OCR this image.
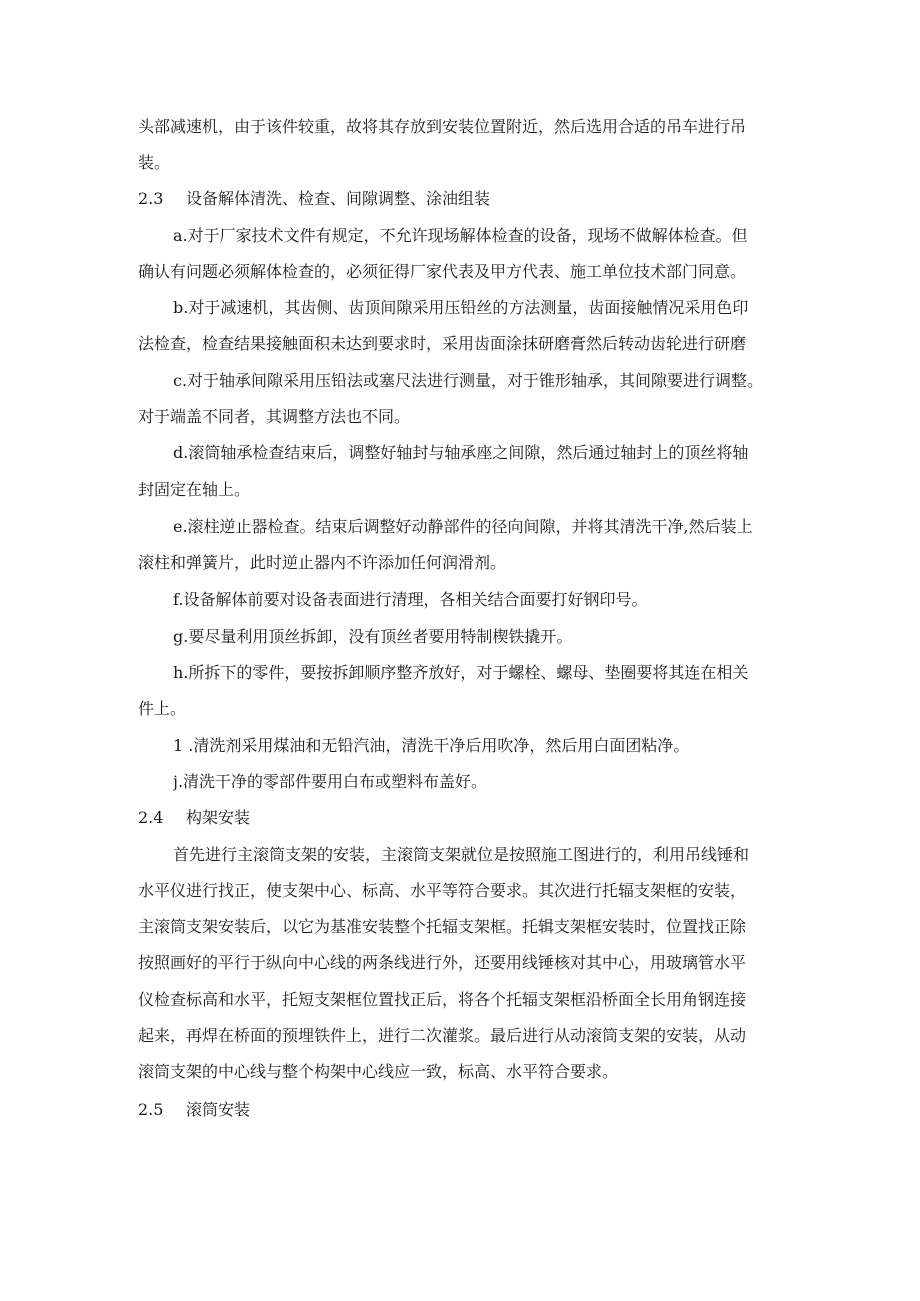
头部减速机，由于该件较重，故将其存放到安装位置附近，然后选用合适的吊车进行吊
装。
2.3 设备解体清洗、检查、间隙调整、涂油组装
a.对于厂家技术文件有规定，不允许现场解体检查的设备，现场不做解体检查。但
确认有问题必须解体检查的，必须征得厂家代表及甲方代表、施工单位技术部门同意。
b.对于减速机，其齿侧、齿顶间隙采用压铅丝的方法测量，齿面接触情况采用色印
法检查，检查结果接触面积未达到要求时，采用齿面涂抹研磨膏然后转动齿轮进行研磨
c.对于轴承间隙采用压铅法或塞尺法进行测量，对于锥形轴承，其间隙要进行调整。
对于端盖不同者，其调整方法也不同。
d.滚筒轴承检查结束后，调整好轴封与轴承座之间隙，然后通过轴封上的顶丝将轴
封固定在轴上。
e.滚柱逆止器检查。结束后调整好动静部件的径向间隙，并将其清洗干净,然后装上
滚柱和弹簧片，此时逆止器内不许添加任何润滑剂。
f.设备解体前要对设备表面进行清理，各相关结合面要打好钢印号。
g.要尽量利用顶丝拆卸，没有顶丝者要用特制楔铁撬开。
h.所拆下的零件，要按拆卸顺序整齐放好，对于螺栓、螺母、垫圈要将其连在相关
件上。
1 .清洗剂采用煤油和无铅汽油，清洗干净后用吹净，然后用白面团粘净。
j.清洗干净的零部件要用白布或塑料布盖好。
2.4 构架安装
首先进行主滚筒支架的安装，主滚筒支架就位是按照施工图进行的，利用吊线锤和
水平仪进行找正，使支架中心、标高、水平等符合要求。其次进行托辐支架框的安装，
主滚筒支架安装后，以它为基准安装整个托辐支架框。托辑支架框安装时，位置找正除
按照画好的平行于纵向中心线的两条线进行外，还要用线锤核对其中心，用玻璃管水平
仪检查标高和水平，托短支架框位置找正后，将各个托辐支架框沿桥面全长用角钢连接
起来，再焊在桥面的预埋铁件上，进行二次灌浆。最后进行从动滚筒支架的安装，从动
滚筒支架的中心线与整个构架中心线应一致，标高、水平符合要求。
2.5 滚筒安装
